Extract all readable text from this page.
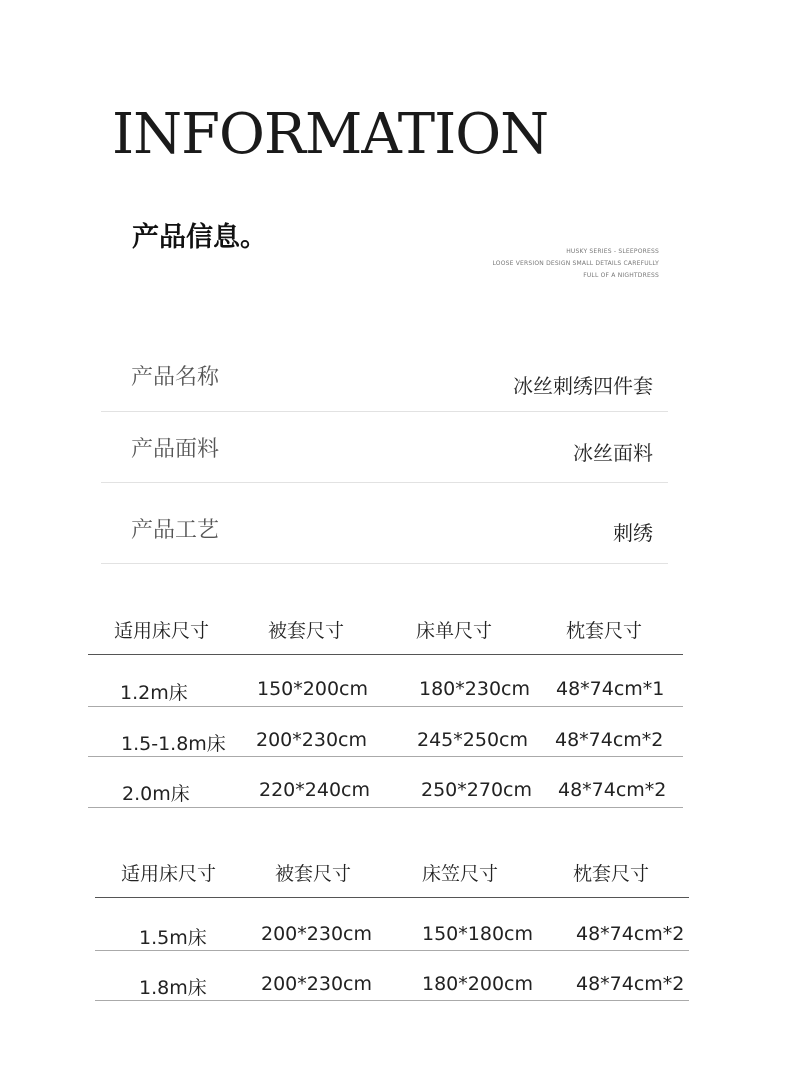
INFORMATION
产品信息。	HUSKY SERIES - SLEEPORESS
LOOSE VERSION DESIGN SMALL DETAILS CAREFULLY
FULL OF A NIGHTDRESS
产品名称	冰丝刺绣四件套
产品面料	冰丝面料
产品工艺	刺绣
适用床尺寸	被套尺寸	床单尺寸	枕套尺寸
1.2m床	150*200cm	180*230cm 48*74cm*1
1.5-1.8m床 200*230cm	245*250cm 48*74cm*2
2.0m床	220*240cm	250*270cm 48*74cm*2
适用床尺寸	被套尺寸	床笠尺寸	枕套尺寸
1.5m床	200*230cm	150*180cm 48*74cm*2
1.8m床	200*230cm	180*200cm 48*74cm*2
